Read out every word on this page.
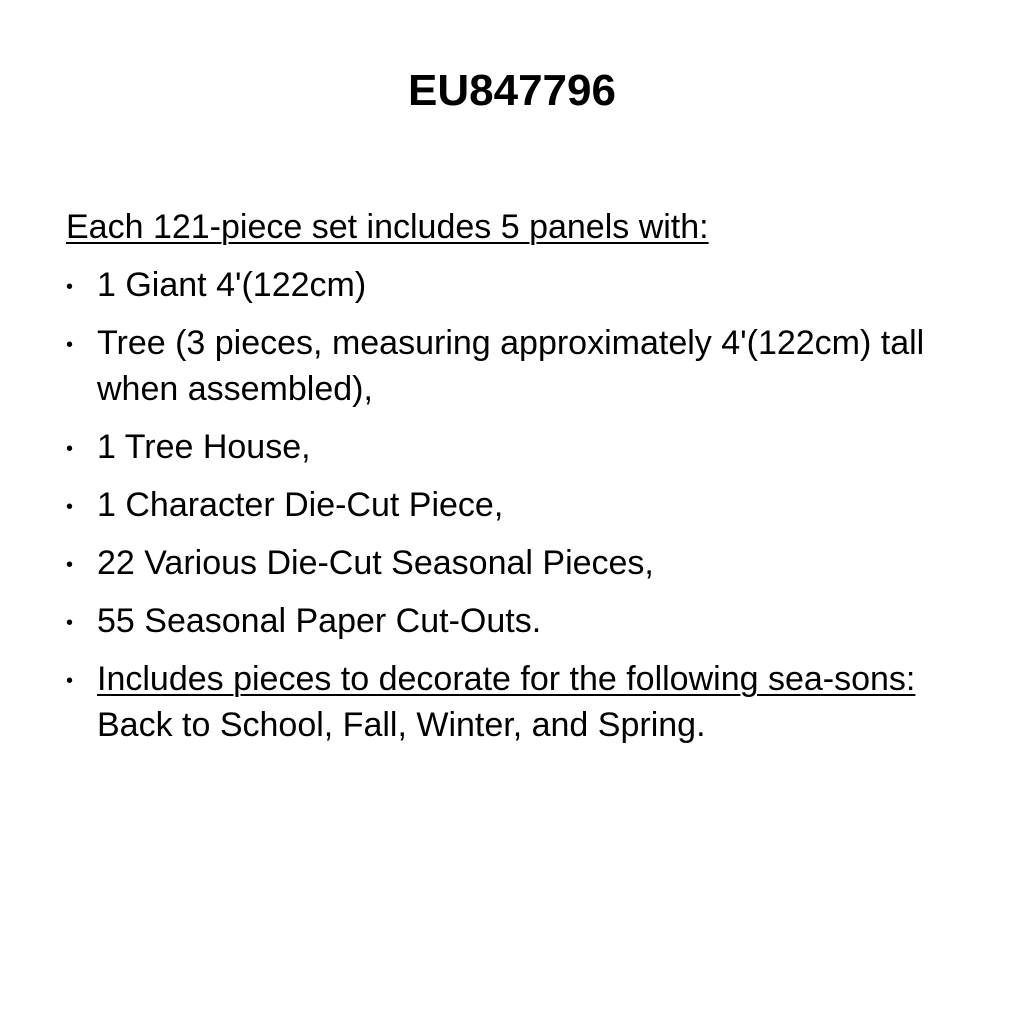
EU847796

Each 121-piece set includes 5 panels with:

• 1 Giant 4'(122cm)
• Tree (3 pieces, measuring approximately 4'(122cm) tall when assembled),
• 1 Tree House,
• 1 Character Die-Cut Piece,
• 22 Various Die-Cut Seasonal Pieces,
• 55 Seasonal Paper Cut-Outs.
• Includes pieces to decorate for the following sea-sons: Back to School, Fall, Winter, and Spring.
